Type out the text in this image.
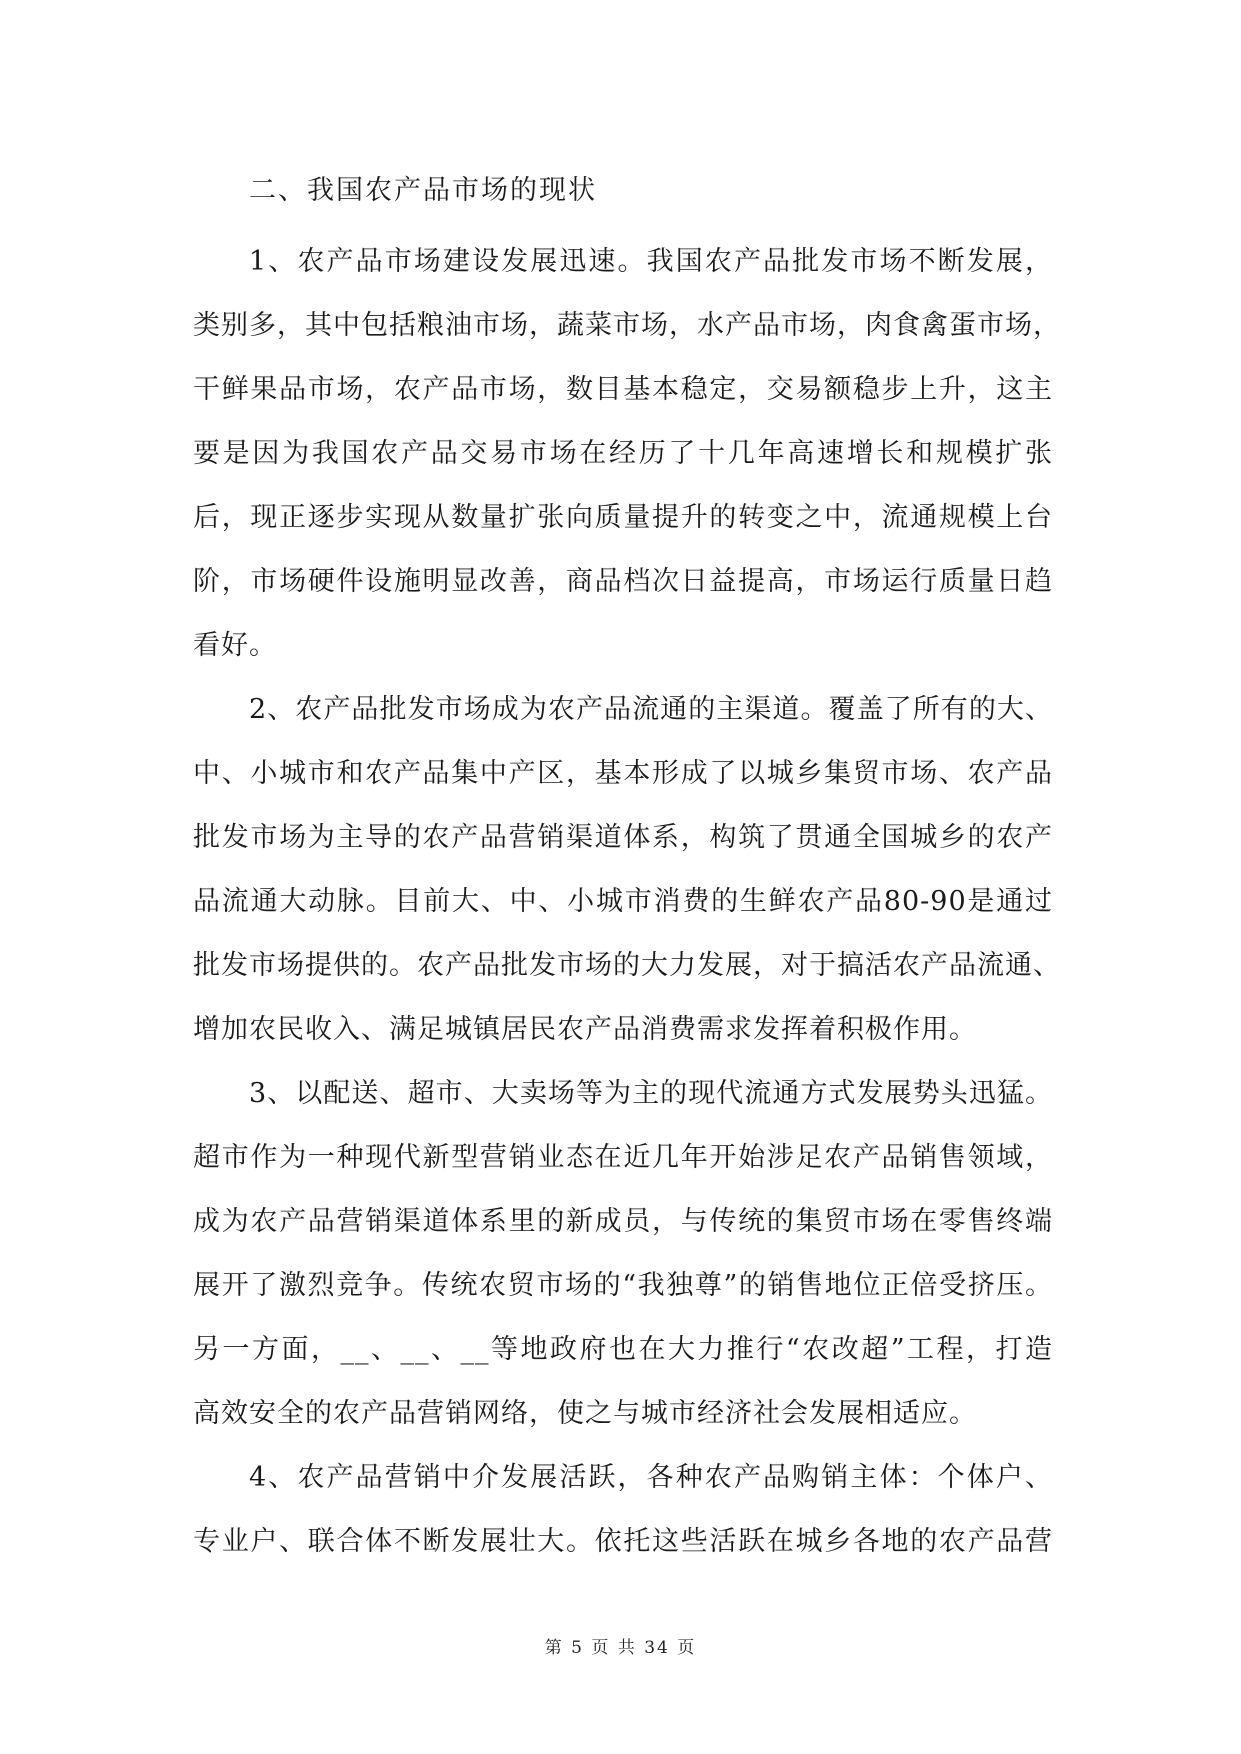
二、我国农产品市场的现状
1、农产品市场建设发展迅速。我国农产品批发市场不断发展，
类别多，其中包括粮油市场，蔬菜市场，水产品市场，肉食禽蛋市场，
干鲜果品市场，农产品市场，数目基本稳定，交易额稳步上升，这主
要是因为我国农产品交易市场在经历了十几年高速增长和规模扩张
后，现正逐步实现从数量扩张向质量提升的转变之中，流通规模上台
阶，市场硬件设施明显改善，商品档次日益提高，市场运行质量日趋
看好。
2、农产品批发市场成为农产品流通的主渠道。覆盖了所有的大、
中、小城市和农产品集中产区，基本形成了以城乡集贸市场、农产品
批发市场为主导的农产品营销渠道体系，构筑了贯通全国城乡的农产
品流通大动脉。目前大、中、小城市消费的生鲜农产品80-90是通过
批发市场提供的。农产品批发市场的大力发展，对于搞活农产品流通、
增加农民收入、满足城镇居民农产品消费需求发挥着积极作用。
3、以配送、超市、大卖场等为主的现代流通方式发展势头迅猛。
超市作为一种现代新型营销业态在近几年开始涉足农产品销售领域，
成为农产品营销渠道体系里的新成员，与传统的集贸市场在零售终端
展开了激烈竞争。传统农贸市场的“我独尊”的销售地位正倍受挤压。
另一方面，__、__、__等地政府也在大力推行“农改超”工程，打造
高效安全的农产品营销网络，使之与城市经济社会发展相适应。
4、农产品营销中介发展活跃，各种农产品购销主体：个体户、
专业户、联合体不断发展壮大。依托这些活跃在城乡各地的农产品营
第 5 页 共 34 页
